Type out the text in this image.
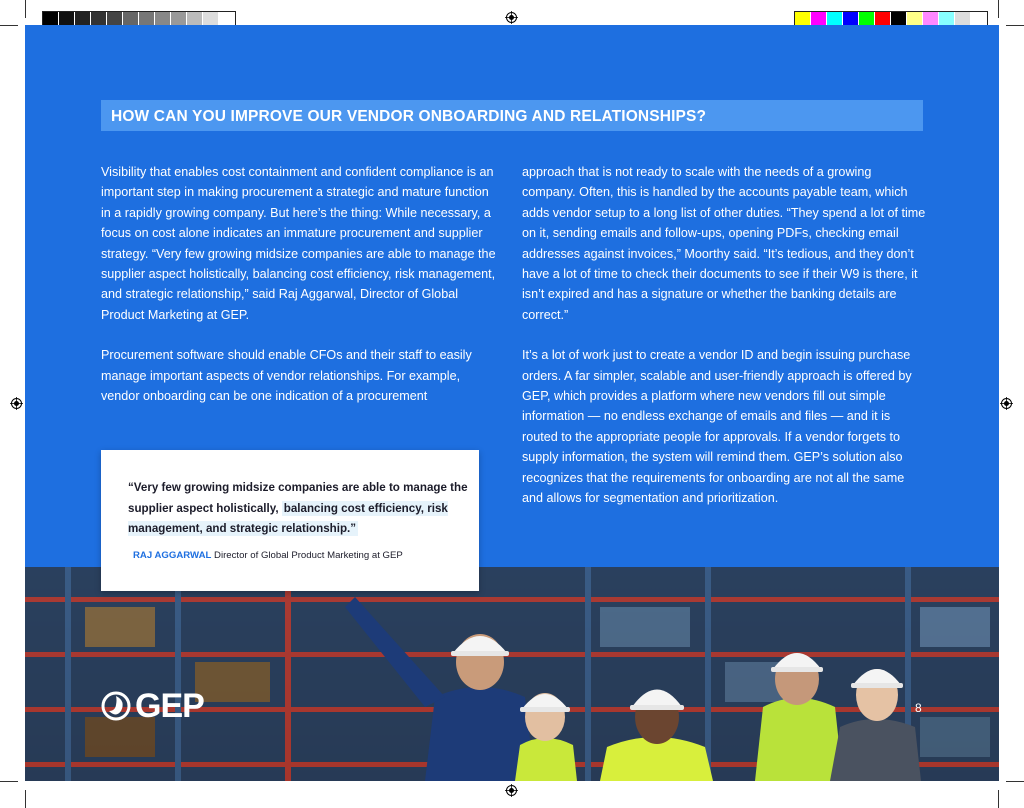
HOW CAN YOU IMPROVE OUR VENDOR ONBOARDING AND RELATIONSHIPS?

Visibility that enables cost containment and confident compliance is an important step in making procurement a strategic and mature function in a rapidly growing company. But here’s the thing: While necessary, a focus on cost alone indicates an immature procurement and supplier strategy. “Very few growing midsize companies are able to manage the supplier aspect holistically, balancing cost efficiency, risk management, and strategic relationship,” said Raj Aggarwal, Director of Global Product Marketing at GEP.

Procurement software should enable CFOs and their staff to easily manage important aspects of vendor relationships. For example, vendor onboarding can be one indication of a procurement

approach that is not ready to scale with the needs of a growing company. Often, this is handled by the accounts payable team, which adds vendor setup to a long list of other duties. “They spend a lot of time on it, sending emails and follow-ups, opening PDFs, checking email addresses against invoices,” Moorthy said. “It’s tedious, and they don’t have a lot of time to check their documents to see if their W9 is there, it isn’t expired and has a signature or whether the banking details are correct.”

It’s a lot of work just to create a vendor ID and begin issuing purchase orders. A far simpler, scalable and user-friendly approach is offered by GEP, which provides a platform where new vendors fill out simple information — no endless exchange of emails and files — and it is routed to the appropriate people for approvals. If a vendor forgets to supply information, the system will remind them. GEP’s solution also recognizes that the requirements for onboarding are not all the same and allows for segmentation and prioritization.

GEP	8

“Very few growing midsize companies are able to manage the supplier aspect holistically, balancing cost efficiency, risk management, and strategic relationship.”

RAJ AGGARWAL Director of Global Product Marketing at GEP
